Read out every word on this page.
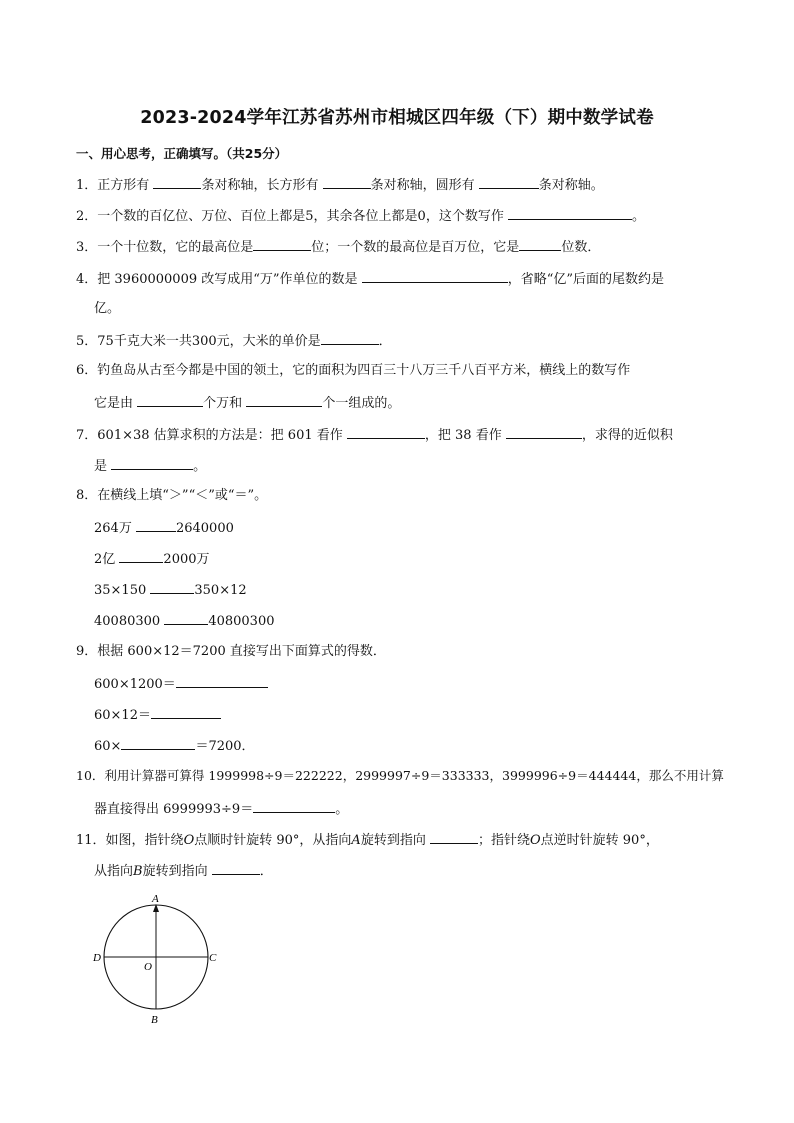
2023-2024学年江苏省苏州市相城区四年级（下）期中数学试卷
一、用心思考，正确填写。（共25分）
1．正方形有	条对称轴，长方形有	条对称轴，圆形有	条对称轴。
2．一个数的百亿位、万位、百位上都是5，其余各位上都是0，这个数写作	。
3．一个十位数，它的最高位是	位；一个数的最高位是百万位，它是	位数．
4．把 3960000009 改写成用“万”作单位的数是	，省略“亿”后面的尾数约是
亿。
5．75千克大米一共300元，大米的单价是	．
6．钓鱼岛从古至今都是中国的领土，它的面积为四百三十八万三千八百平方米，横线上的数写作
它是由	个万和	个一组成的。
7．601×38 估算求积的方法是：把 601 看作	，把 38 看作	，求得的近似积
是	。
8．在横线上填“＞”“＜”或“＝”。
264万	2640000
2亿	2000万
35×150	350×12
40080300	40800300
9．根据 600×12＝7200 直接写出下面算式的得数．
600×1200＝
60×12＝
60×	＝7200．
10．利用计算器可算得 1999998÷9＝222222，2999997÷9＝333333，3999996÷9＝444444，那么不用计算
器直接得出 6999993÷9＝	。
11．如图，指针绕O点顺时针旋转 90°，从指向A旋转到指向	；指针绕O点逆时针旋转 90°，
从指向B旋转到指向	．
A
B
C
D
O
